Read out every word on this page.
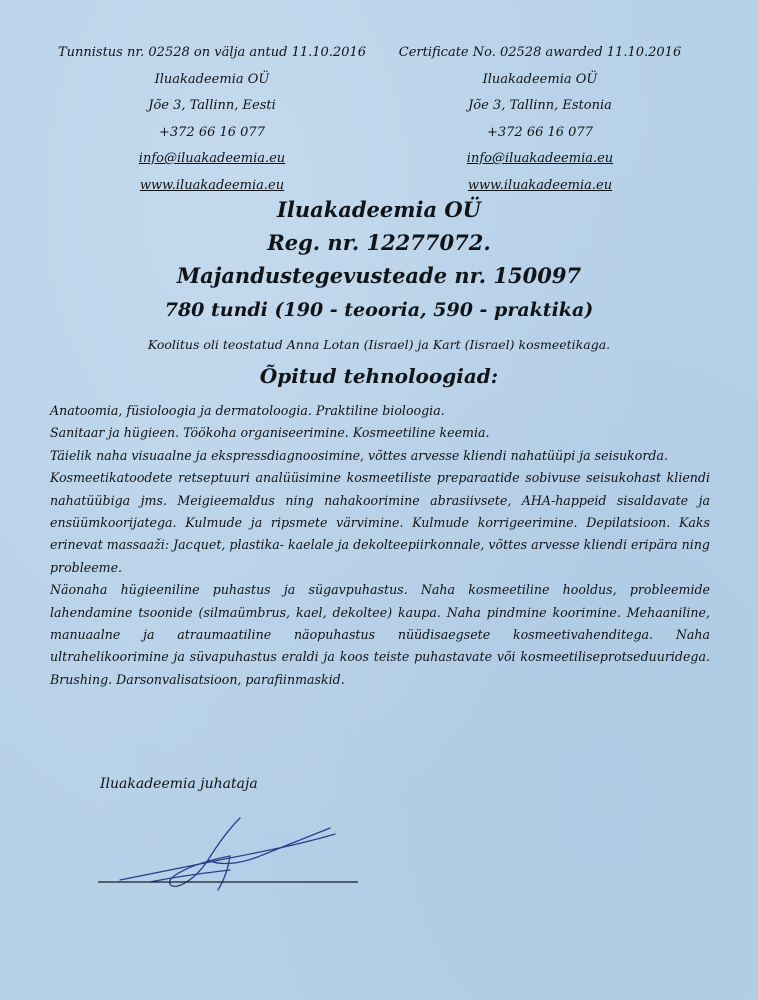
Tunnistus nr. 02528 on välja antud 11.10.2016
Iluakadeemia OÜ
Jõe 3, Tallinn, Eesti
+372 66 16 077
info@iluakadeemia.eu
www.iluakadeemia.eu
Certificate No. 02528 awarded 11.10.2016
Iluakadeemia OÜ
Jõe 3, Tallinn, Estonia
+372 66 16 077
info@iluakadeemia.eu
www.iluakadeemia.eu
Iluakadeemia OÜ
Reg. nr. 12277072.
Majandustegevusteade nr. 150097
780 tundi (190 - teooria, 590 - praktika)
Koolitus oli teostatud Anna Lotan (Iisrael) ja Kart (Iisrael) kosmeetikaga.
Õpitud tehnoloogiad:

Anatoomia, füsioloogia ja dermatoloogia. Praktiline bioloogia.

Sanitaar ja hügieen. Töökoha organiseerimine. Kosmeetiline keemia.

Täielik naha visuaalne ja ekspressdiagnoosimine, võttes arvesse kliendi nahatüüpi ja seisukorda.

Kosmeetikatoodete retseptuuri analüüsimine kosmeetiliste preparaatide sobivuse seisukohast kliendi nahatüübiga jms. Meigieemaldus ning nahakoorimine abrasiivsete, AHA-happeid sisaldavate ja ensüümkoorijatega. Kulmude ja ripsmete värvimine. Kulmude korrigeerimine. Depilatsioon. Kaks erinevat massaaži: Jacquet, plastika- kaelale ja dekolteepiirkonnale, võttes arvesse kliendi eripära ning probleeme.

Näonaha hügieeniline puhastus ja sügavpuhastus. Naha kosmeetiline hooldus, probleemide lahendamine tsoonide (silmaümbrus, kael, dekoltee) kaupa. Naha pindmine koorimine. Mehaaniline, manuaalne ja atraumaatiline näopuhastus nüüdisaegsete kosmeetivahenditega. Naha ultrahelikoorimine ja süvapuhastus eraldi ja koos teiste puhastavate või kosmeetiliseprotseduuridega. Brushing. Darsonvalisatsioon, parafiinmaskid.

Iluakadeemia juhataja
